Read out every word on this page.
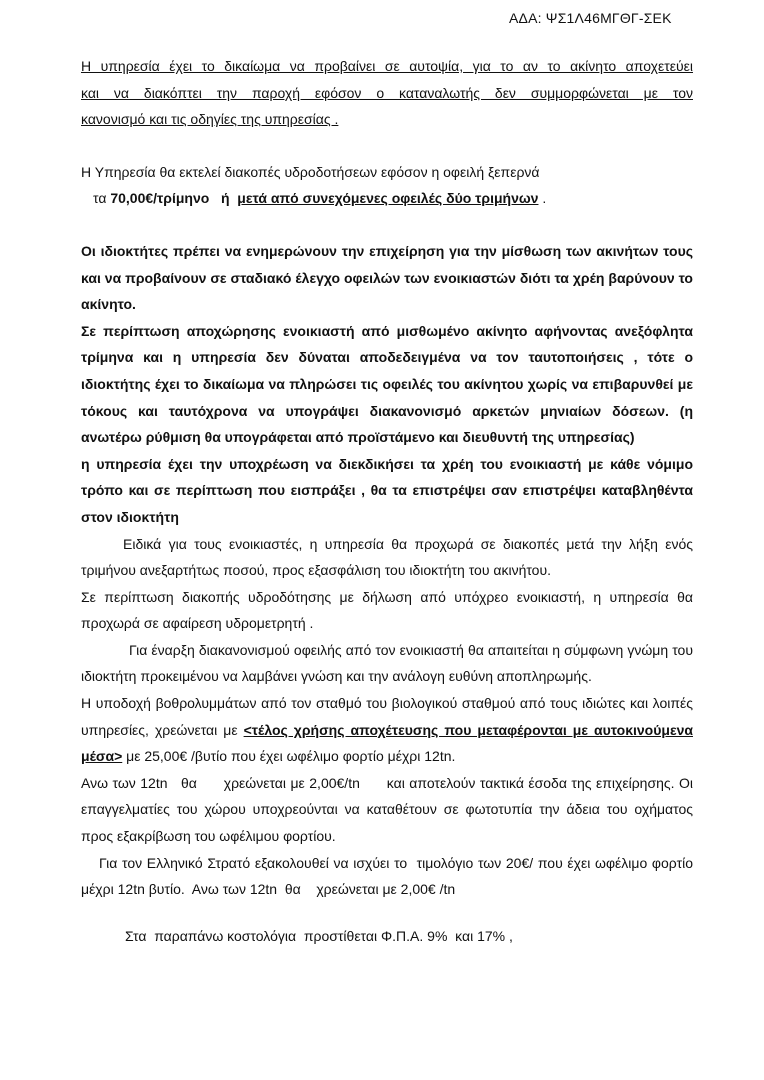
ΑΔΑ: ΨΣ1Λ46ΜΓΘΓ-ΣΕΚ

Η υπηρεσία έχει το δικαίωμα να προβαίνει σε αυτοψία, για το αν το ακίνητο αποχετεύει

και να διακόπτει την παροχή εφόσον ο καταναλωτής δεν συμμορφώνεται με τον

κανονισμό και τις οδηγίες της υπηρεσίας .

Η Υπηρεσία θα εκτελεί διακοπές υδροδοτήσεων εφόσον η οφειλή ξεπερνά

τα 70,00€/τρίμηνο   ή  μετά από συνεχόμενες οφειλές δύο τριμήνων .

Οι ιδιοκτήτες πρέπει να ενημερώνουν την επιχείρηση για την μίσθωση των ακινήτων τους και να προβαίνουν σε σταδιακό έλεγχο οφειλών των ενοικιαστών διότι τα χρέη βαρύνουν το ακίνητο.

Σε περίπτωση αποχώρησης ενοικιαστή από μισθωμένο ακίνητο αφήνοντας ανεξόφλητα τρίμηνα και η υπηρεσία δεν δύναται αποδεδειγμένα να τον ταυτοποιήσεις , τότε ο ιδιοκτήτης έχει το δικαίωμα να πληρώσει τις οφειλές του ακίνητου χωρίς να επιβαρυνθεί με τόκους και ταυτόχρονα να υπογράψει διακανονισμό αρκετών μηνιαίων δόσεων. (η ανωτέρω ρύθμιση θα υπογράφεται από προϊστάμενο και διευθυντή της υπηρεσίας)

η υπηρεσία έχει την υποχρέωση να διεκδικήσει τα χρέη του ενοικιαστή με κάθε νόμιμο τρόπο και σε περίπτωση που εισπράξει , θα τα επιστρέψει σαν επιστρέψει καταβληθέντα στον ιδιοκτήτη

Ειδικά για τους ενοικιαστές, η υπηρεσία θα προχωρά σε διακοπές μετά την λήξη ενός τριμήνου ανεξαρτήτως ποσού, προς εξασφάλιση του ιδιοκτήτη του ακινήτου.

Σε περίπτωση διακοπής υδροδότησης με δήλωση από υπόχρεο ενοικιαστή, η υπηρεσία θα προχωρά σε αφαίρεση υδρομετρητή .

Για έναρξη διακανονισμού οφειλής από τον ενοικιαστή θα απαιτείται η σύμφωνη γνώμη του ιδιοκτήτη προκειμένου να λαμβάνει γνώση και την ανάλογη ευθύνη αποπληρωμής.

Η υποδοχή βοθρολυμμάτων από τον σταθμό του βιολογικού σταθμού από τους ιδιώτες και λοιπές υπηρεσίες, χρεώνεται με <τέλος χρήσης αποχέτευσης που μεταφέρονται με αυτοκινούμενα μέσα> με 25,00€ /βυτίο που έχει ωφέλιμο φορτίο μέχρι 12tn.

Ανω των 12tn   θα      χρεώνεται με 2,00€/tn      και αποτελούν τακτικά έσοδα της επιχείρησης. Οι επαγγελματίες του χώρου υποχρεούνται να καταθέτουν σε φωτοτυπία την άδεια του οχήματος προς εξακρίβωση του ωφέλιμου φορτίου.

Για τον Ελληνικό Στρατό εξακολουθεί να ισχύει το  τιμολόγιο των 20€/ που έχει ωφέλιμο φορτίο μέχρι 12tn βυτίο.  Ανω των 12tn  θα    χρεώνεται με 2,00€ /tn

Στα  παραπάνω κοστολόγια  προστίθεται Φ.Π.Α. 9%  και 17% ,
